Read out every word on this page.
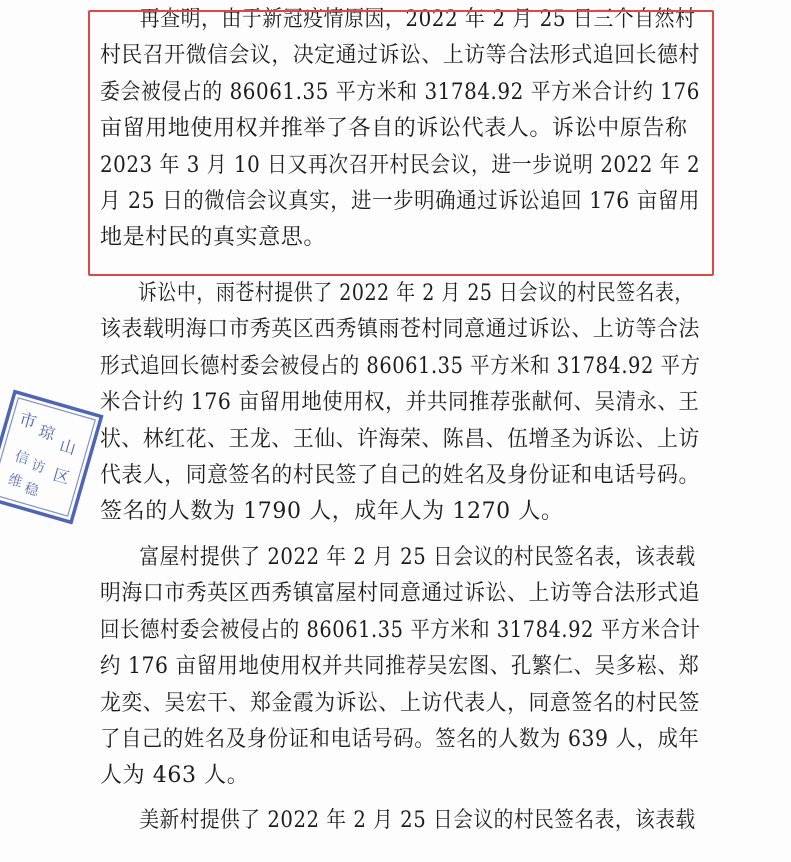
市
琼
山
区
信
访
维
稳
再查明，由于新冠疫情原因，2022 年 2 月 25 日三个自然村
村民召开微信会议，决定通过诉讼、上访等合法形式追回长德村
委会被侵占的 86061.35 平方米和 31784.92 平方米合计约 176
亩留用地使用权并推举了各自的诉讼代表人。诉讼中原告称
2023 年 3 月 10 日又再次召开村民会议，进一步说明 2022 年 2
月 25 日的微信会议真实，进一步明确通过诉讼追回 176 亩留用
地是村民的真实意思。
诉讼中，雨苍村提供了 2022 年 2 月 25 日会议的村民签名表，
该表载明海口市秀英区西秀镇雨苍村同意通过诉讼、上访等合法
形式追回长德村委会被侵占的 86061.35 平方米和 31784.92 平方
米合计约 176 亩留用地使用权，并共同推荐张献何、吴清永、王
状、林红花、王龙、王仙、许海荣、陈昌、伍增圣为诉讼、上访
代表人，同意签名的村民签了自己的姓名及身份证和电话号码。
签名的人数为 1790 人，成年人为 1270 人。
富屋村提供了 2022 年 2 月 25 日会议的村民签名表，该表载
明海口市秀英区西秀镇富屋村同意通过诉讼、上访等合法形式追
回长德村委会被侵占的 86061.35 平方米和 31784.92 平方米合计
约 176 亩留用地使用权并共同推荐吴宏图、孔繁仁、吴多崧、郑
龙奕、吴宏干、郑金霞为诉讼、上访代表人，同意签名的村民签
了自己的姓名及身份证和电话号码。签名的人数为 639 人，成年
人为 463 人。
美新村提供了 2022 年 2 月 25 日会议的村民签名表，该表载
